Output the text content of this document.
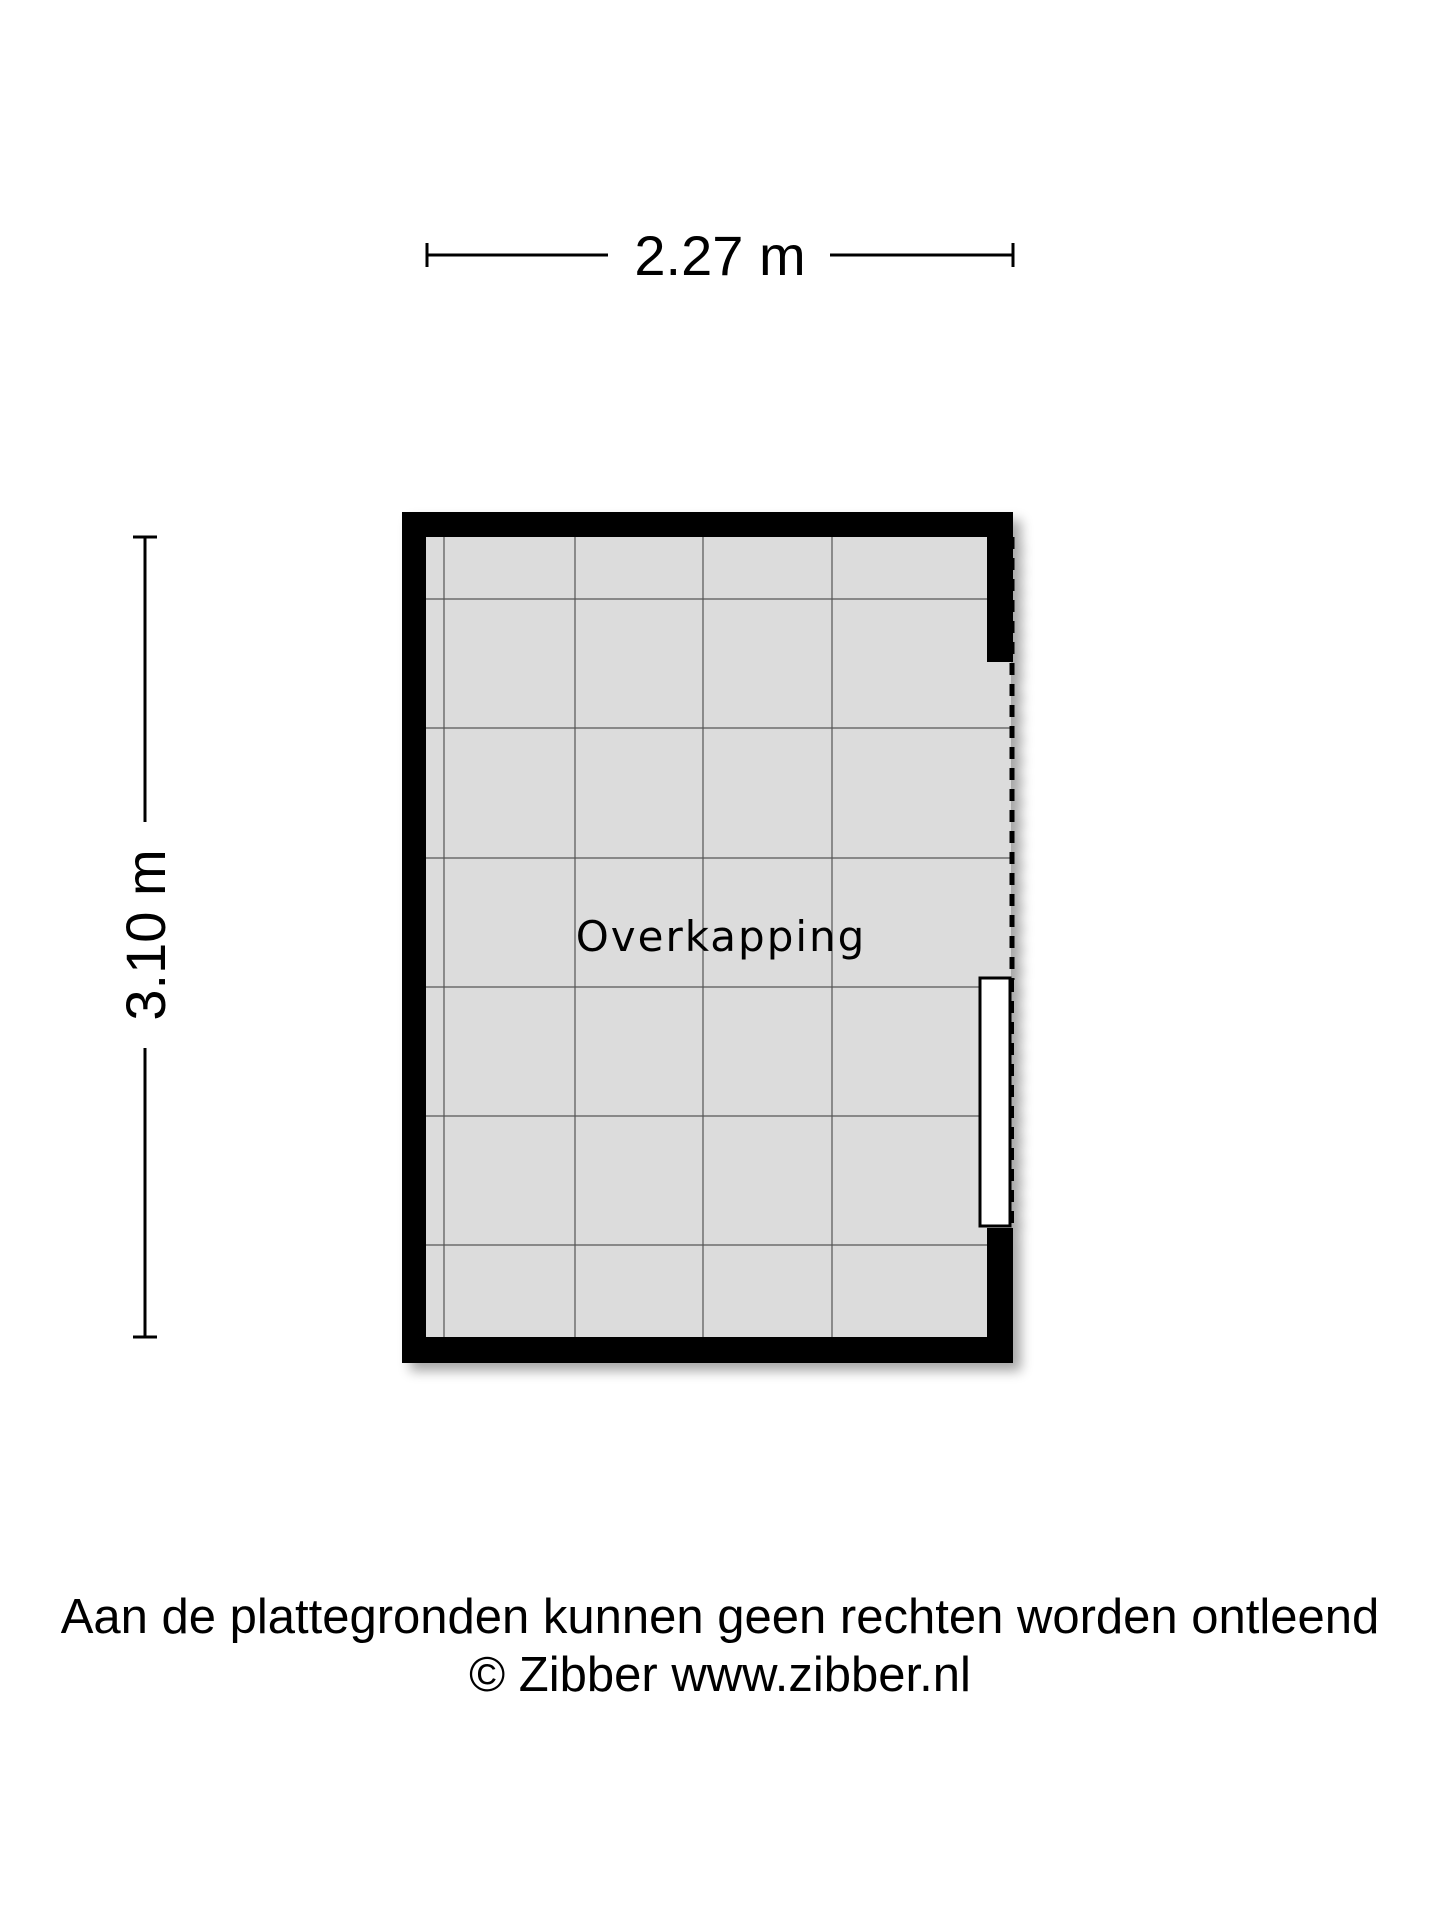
2.27 m
3.10 m	Overkapping
Aan de plattegronden kunnen geen rechten worden ontleend
© Zibber www.zibber.nl
